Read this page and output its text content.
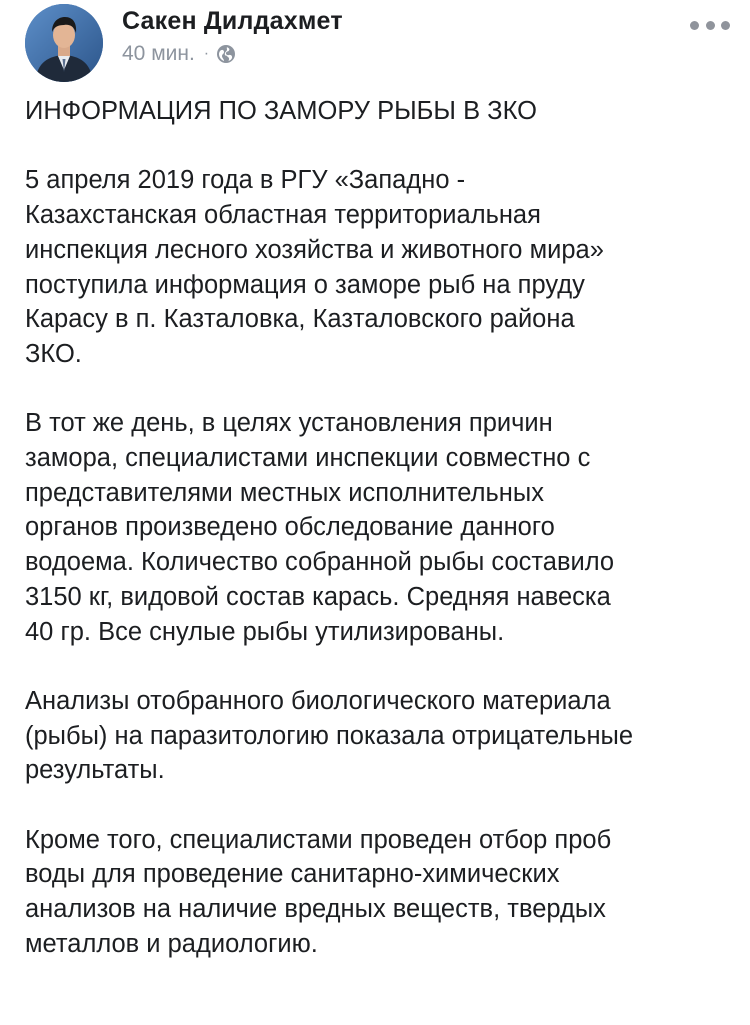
Сакен Дилдахмет
40 мин. ·

ИНФОРМАЦИЯ ПО ЗАМОРУ РЫБЫ В ЗКО

5 апреля 2019 года в РГУ «Западно -
Казахстанская областная территориальная
инспекция лесного хозяйства и животного мира»
поступила информация о заморе рыб на пруду
Карасу в п. Казталовка, Казталовского района
ЗКО.

В тот же день, в целях установления причин
замора, специалистами инспекции совместно с
представителями местных исполнительных
органов произведено обследование данного
водоема. Количество собранной рыбы составило
3150 кг, видовой состав карась. Средняя навеска
40 гр. Все снулые рыбы утилизированы.

Анализы отобранного биологического материала
(рыбы) на паразитологию показала отрицательные
результаты.

Кроме того, специалистами проведен отбор проб
воды для проведение санитарно-химических
анализов на наличие вредных веществ, твердых
металлов и радиологию.
